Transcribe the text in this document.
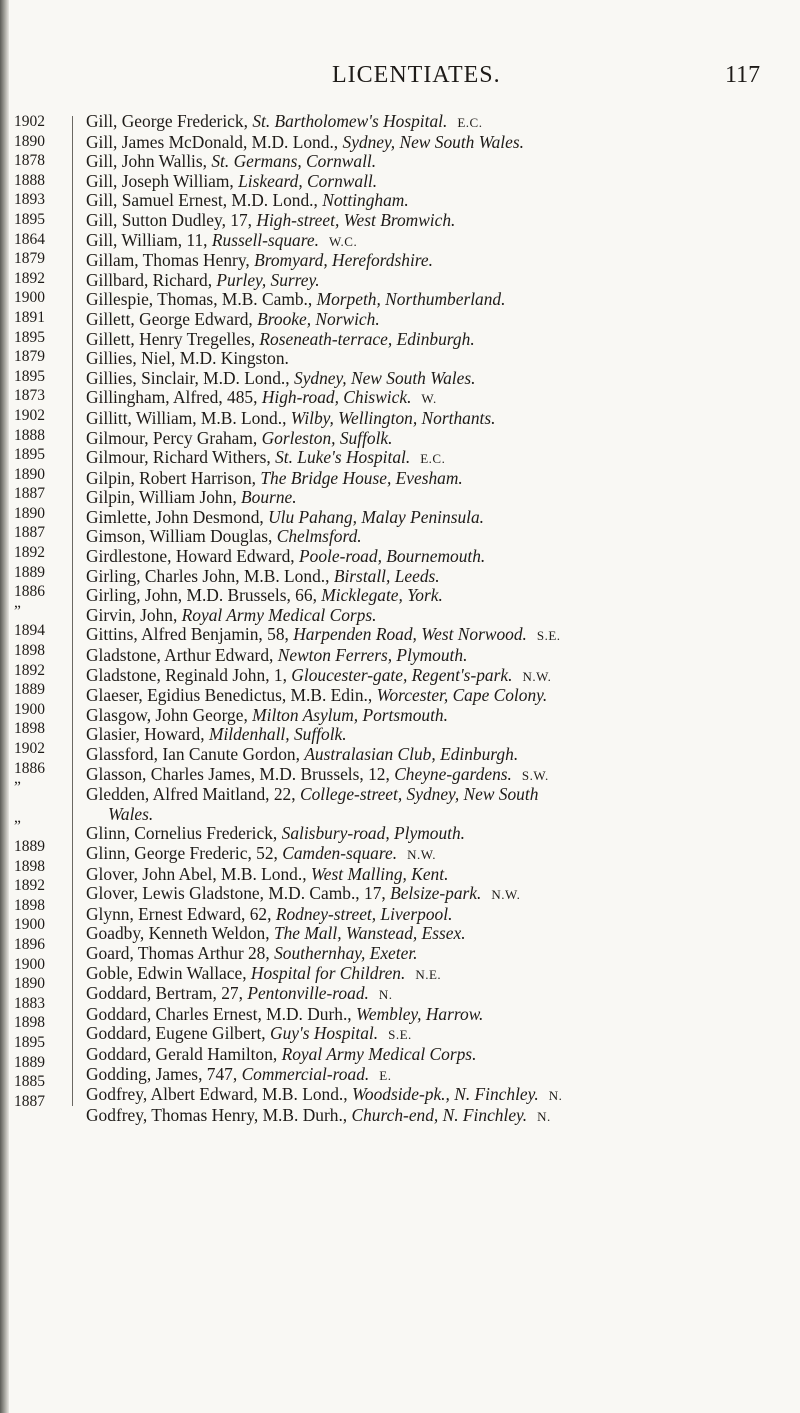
LICENTIATES.	117
1902
1890
1878
1888
1893
1895
1864
1879
1892
1900
1891
1895
1879
1895
1873
1902
1888
1895
1890
1887
1890
1887
1892
1889
1886
”
1894
1898
1892
1889
1900
1898
1902
1886
”
”
1889
1898
1892
1898
1900
1896
1900
1890
1883
1898
1895
1889
1885
1887
Gill, George Frederick, St. Bartholomew's Hospital. E.C.
Gill, James McDonald, M.D. Lond., Sydney, New South Wales.
Gill, John Wallis, St. Germans, Cornwall.
Gill, Joseph William, Liskeard, Cornwall.
Gill, Samuel Ernest, M.D. Lond., Nottingham.
Gill, Sutton Dudley, 17, High-street, West Bromwich.
Gill, William, 11, Russell-square. W.C.
Gillam, Thomas Henry, Bromyard, Herefordshire.
Gillbard, Richard, Purley, Surrey.
Gillespie, Thomas, M.B. Camb., Morpeth, Northumberland.
Gillett, George Edward, Brooke, Norwich.
Gillett, Henry Tregelles, Roseneath-terrace, Edinburgh.
Gillies, Niel, M.D. Kingston.
Gillies, Sinclair, M.D. Lond., Sydney, New South Wales.
Gillingham, Alfred, 485, High-road, Chiswick. W.
Gillitt, William, M.B. Lond., Wilby, Wellington, Northants.
Gilmour, Percy Graham, Gorleston, Suffolk.
Gilmour, Richard Withers, St. Luke's Hospital. E.C.
Gilpin, Robert Harrison, The Bridge House, Evesham.
Gilpin, William John, Bourne.
Gimlette, John Desmond, Ulu Pahang, Malay Peninsula.
Gimson, William Douglas, Chelmsford.
Girdlestone, Howard Edward, Poole-road, Bournemouth.
Girling, Charles John, M.B. Lond., Birstall, Leeds.
Girling, John, M.D. Brussels, 66, Micklegate, York.
Girvin, John, Royal Army Medical Corps.
Gittins, Alfred Benjamin, 58, Harpenden Road, West Norwood. S.E.
Gladstone, Arthur Edward, Newton Ferrers, Plymouth.
Gladstone, Reginald John, 1, Gloucester-gate, Regent's-park. N.W.
Glaeser, Egidius Benedictus, M.B. Edin., Worcester, Cape Colony.
Glasgow, John George, Milton Asylum, Portsmouth.
Glasier, Howard, Mildenhall, Suffolk.
Glassford, Ian Canute Gordon, Australasian Club, Edinburgh.
Glasson, Charles James, M.D. Brussels, 12, Cheyne-gardens. S.W.
Gledden, Alfred Maitland, 22, College-street, Sydney, New South
Wales.
Glinn, Cornelius Frederick, Salisbury-road, Plymouth.
Glinn, George Frederic, 52, Camden-square. N.W.
Glover, John Abel, M.B. Lond., West Malling, Kent.
Glover, Lewis Gladstone, M.D. Camb., 17, Belsize-park. N.W.
Glynn, Ernest Edward, 62, Rodney-street, Liverpool.
Goadby, Kenneth Weldon, The Mall, Wanstead, Essex.
Goard, Thomas Arthur 28, Southernhay, Exeter.
Goble, Edwin Wallace, Hospital for Children. N.E.
Goddard, Bertram, 27, Pentonville-road. N.
Goddard, Charles Ernest, M.D. Durh., Wembley, Harrow.
Goddard, Eugene Gilbert, Guy's Hospital. S.E.
Goddard, Gerald Hamilton, Royal Army Medical Corps.
Godding, James, 747, Commercial-road. E.
Godfrey, Albert Edward, M.B. Lond., Woodside-pk., N. Finchley. N.
Godfrey, Thomas Henry, M.B. Durh., Church-end, N. Finchley. N.
